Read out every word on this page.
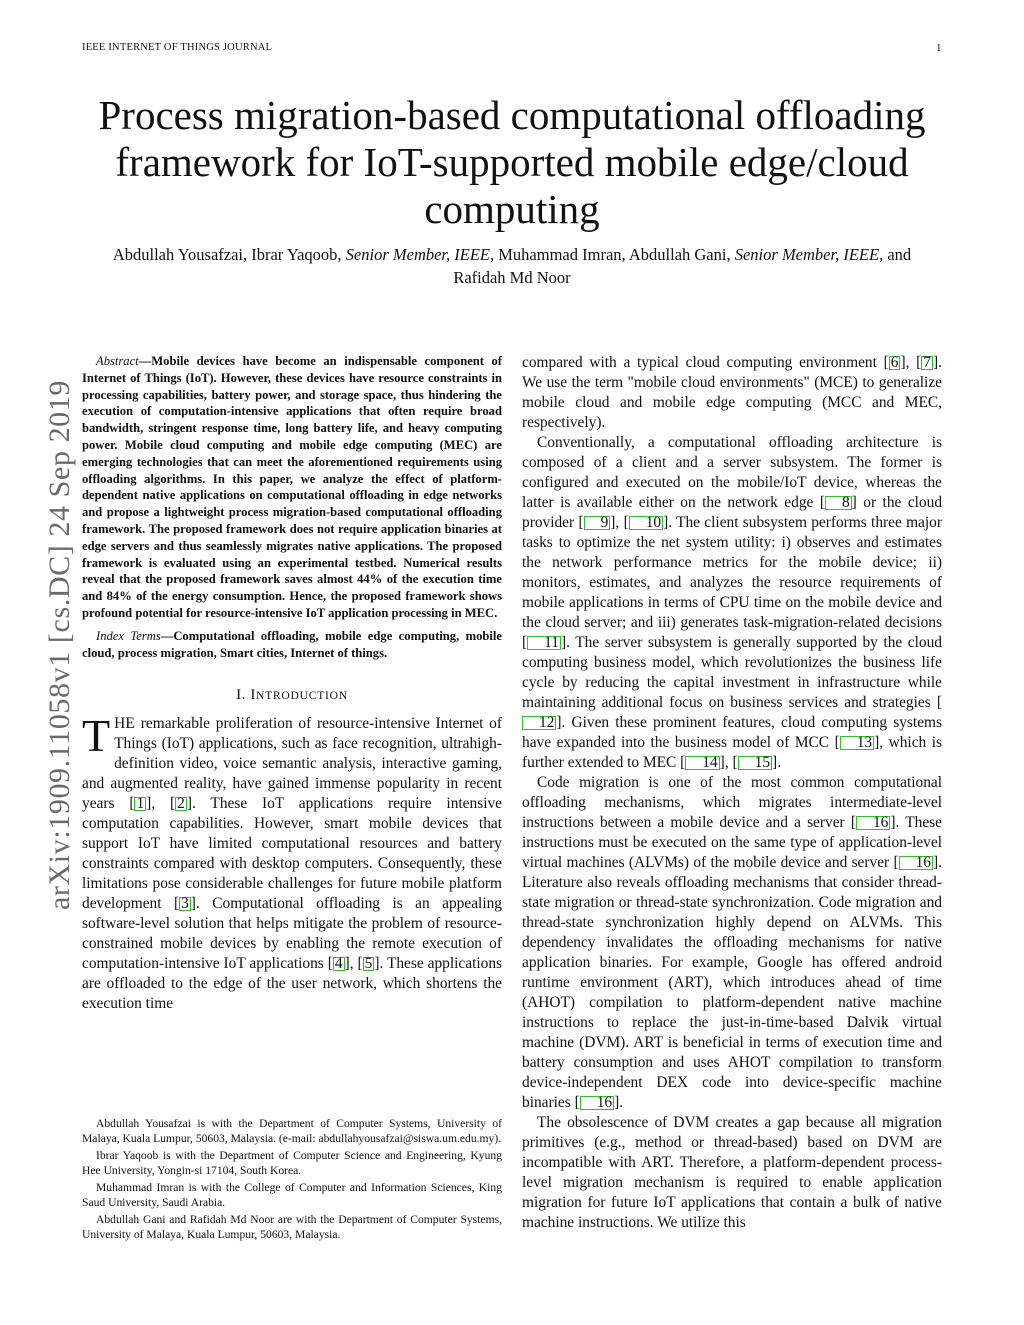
IEEE INTERNET OF THINGS JOURNAL	1
Process migration-based computational offloading framework for IoT-supported mobile edge/cloud computing
Abdullah Yousafzai, Ibrar Yaqoob, Senior Member, IEEE, Muhammad Imran, Abdullah Gani, Senior Member, IEEE, and Rafidah Md Noor
arXiv:1909.11058v1 [cs.DC] 24 Sep 2019

Abstract—Mobile devices have become an indispensable component of Internet of Things (IoT). However, these devices have resource constraints in processing capabilities, battery power, and storage space, thus hindering the execution of computation-intensive applications that often require broad bandwidth, stringent response time, long battery life, and heavy computing power. Mobile cloud computing and mobile edge computing (MEC) are emerging technologies that can meet the aforementioned requirements using offloading algorithms. In this paper, we analyze the effect of platform-dependent native applications on computational offloading in edge networks and propose a lightweight process migration-based computational offloading framework. The proposed framework does not require application binaries at edge servers and thus seamlessly migrates native applications. The proposed framework is evaluated using an experimental testbed. Numerical results reveal that the proposed framework saves almost 44% of the execution time and 84% of the energy consumption. Hence, the proposed framework shows profound potential for resource-intensive IoT application processing in MEC.

Index Terms—Computational offloading, mobile edge computing, mobile cloud, process migration, Smart cities, Internet of things.

I. INTRODUCTION

THE remarkable proliferation of resource-intensive Internet of Things (IoT) applications, such as face recognition, ultrahigh-definition video, voice semantic analysis, interactive gaming, and augmented reality, have gained immense popularity in recent years [ 1 ], [ 2 ]. These IoT applications require intensive computation capabilities. However, smart mobile devices that support IoT have limited computational resources and battery constraints compared with desktop computers. Consequently, these limitations pose considerable challenges for future mobile platform development [ 3 ]. Computational offloading is an appealing software-level solution that helps mitigate the problem of resource-constrained mobile devices by enabling the remote execution of computation-intensive IoT applications [ 4 ], [ 5 ]. These applications are offloaded to the edge of the user network, which shortens the execution time

Abdullah Yousafzai is with the Department of Computer Systems, University of Malaya, Kuala Lumpur, 50603, Malaysia. (e-mail: abdullahyousafzai@siswa.um.edu.my).

Ibrar Yaqoob is with the Department of Computer Science and Engineering, Kyung Hee University, Yongin-si 17104, South Korea.

Muhammad Imran is with the College of Computer and Information Sciences, King Saud University, Saudi Arabia.

Abdullah Gani and Rafidah Md Noor are with the Department of Computer Systems, University of Malaya, Kuala Lumpur, 50603, Malaysia.

compared with a typical cloud computing environment [ 6 ], [ 7 ]. We use the term "mobile cloud environments" (MCE) to generalize mobile cloud and mobile edge computing (MCC and MEC, respectively).

Conventionally, a computational offloading architecture is composed of a client and a server subsystem. The former is configured and executed on the mobile/IoT device, whereas the latter is available either on the network edge [ 8 ] or the cloud provider [ 9 ], [ 10 ]. The client subsystem performs three major tasks to optimize the net system utility: i) observes and estimates the network performance metrics for the mobile device; ii) monitors, estimates, and analyzes the resource requirements of mobile applications in terms of CPU time on the mobile device and the cloud server; and iii) generates task-migration-related decisions [ 11 ]. The server subsystem is generally supported by the cloud computing business model, which revolutionizes the business life cycle by reducing the capital investment in infrastructure while maintaining additional focus on business services and strategies [12 ]. Given these prominent features, cloud computing systems have expanded into the business model of MCC [ 13 ], which is further extended to MEC [ 14 ], [ 15 ].

Code migration is one of the most common computational offloading mechanisms, which migrates intermediate-level instructions between a mobile device and a server [ 16 ]. These instructions must be executed on the same type of application-level virtual machines (ALVMs) of the mobile device and server [ 16 ]. Literature also reveals offloading mechanisms that consider thread-state migration or thread-state synchronization. Code migration and thread-state synchronization highly depend on ALVMs. This dependency invalidates the offloading mechanisms for native application binaries. For example, Google has offered android runtime environment (ART), which introduces ahead of time (AHOT) compilation to platform-dependent native machine instructions to replace the just-in-time-based Dalvik virtual machine (DVM). ART is beneficial in terms of execution time and battery consumption and uses AHOT compilation to transform device-independent DEX code into device-specific machine binaries [ 16 ].

The obsolescence of DVM creates a gap because all migration primitives (e.g., method or thread-based) based on DVM are incompatible with ART. Therefore, a platform-dependent process-level migration mechanism is required to enable application migration for future IoT applications that contain a bulk of native machine instructions. We utilize this
